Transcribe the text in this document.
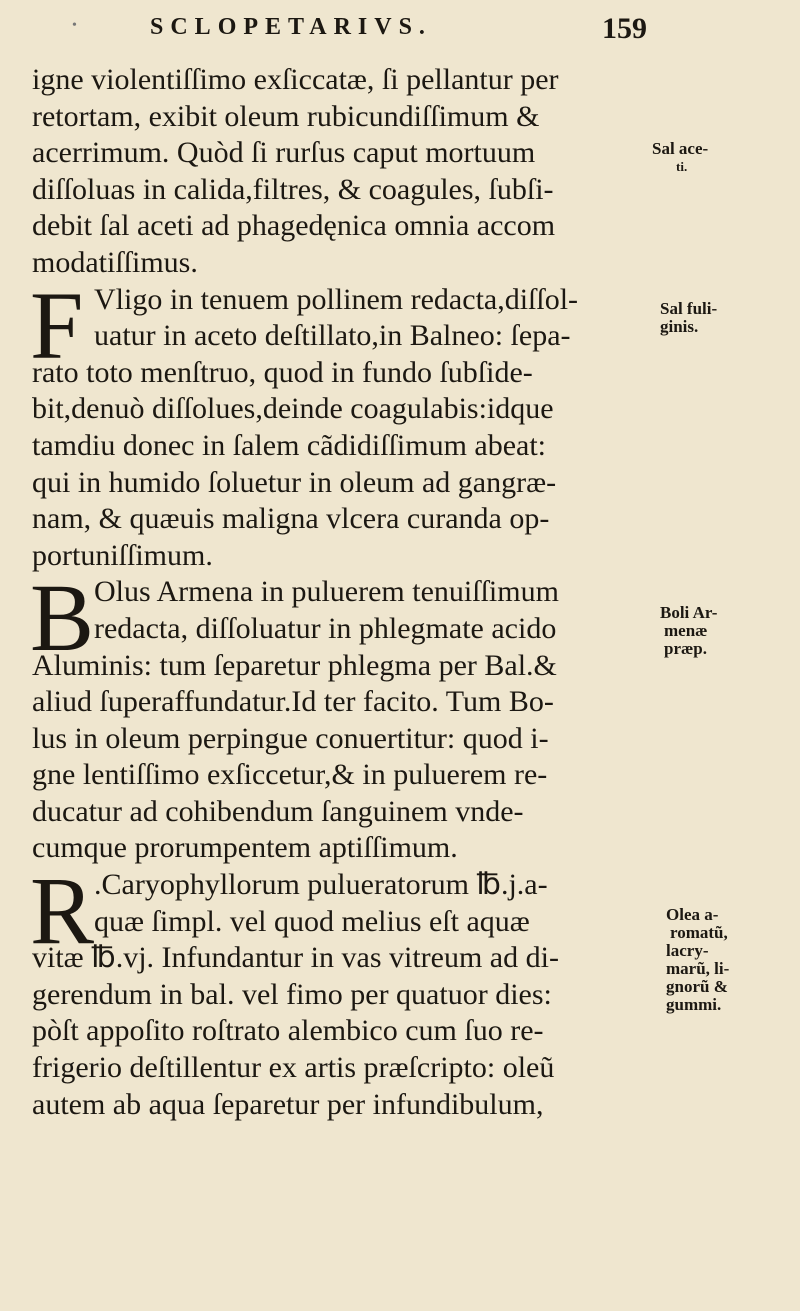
•	SCLOPETARIVS.	159
igne violentiſſimo exſiccatæ, ſi pellantur per
retortam, exibit oleum rubicundiſſimum &
acerrimum. Quòd ſi rurſus caput mortuum
diſſoluas in calida,filtres, & coagules, ſubſi-
debit ſal aceti ad phagedęnica omnia accom
modatiſſimus.
F Vligo in tenuem pollinem redacta,diſſol-
uatur in aceto deſtillato,in Balneo: ſepa-
rato toto menſtruo, quod in fundo ſubſide-
bit,denuò diſſolues,deinde coagulabis:idque
tamdiu donec in ſalem cãdidiſſimum abeat:
qui in humido ſoluetur in oleum ad gangræ-
nam, & quæuis maligna vlcera curanda op-
portuniſſimum.
B Olus Armena in puluerem tenuiſſimum
redacta, diſſoluatur in phlegmate acido
Aluminis: tum ſeparetur phlegma per Bal.&
aliud ſuperaffundatur.Id ter facito. Tum Bo-
lus in oleum perpingue conuertitur: quod i-
gne lentiſſimo exſiccetur,& in puluerem re-
ducatur ad cohibendum ſanguinem vnde-
cumque prorumpentem aptiſſimum.
R .Caryophyllorum pulueratorum ℔.j.a-
quæ ſimpl. vel quod melius eſt aquæ
vitæ ℔.vj. Infundantur in vas vitreum ad di-
gerendum in bal. vel fimo per quatuor dies:
pòſt appoſito roſtrato alembico cum ſuo re-
frigerio deſtillentur ex artis præſcripto: oleũ
autem ab aqua ſeparetur per infundibulum,
Sal ace-
ti.
Sal fuli-
ginis.
Boli Ar-
menæ
præp.
Olea a-
romatũ,
lacry-
marũ, li-
gnorũ &
gummi.
